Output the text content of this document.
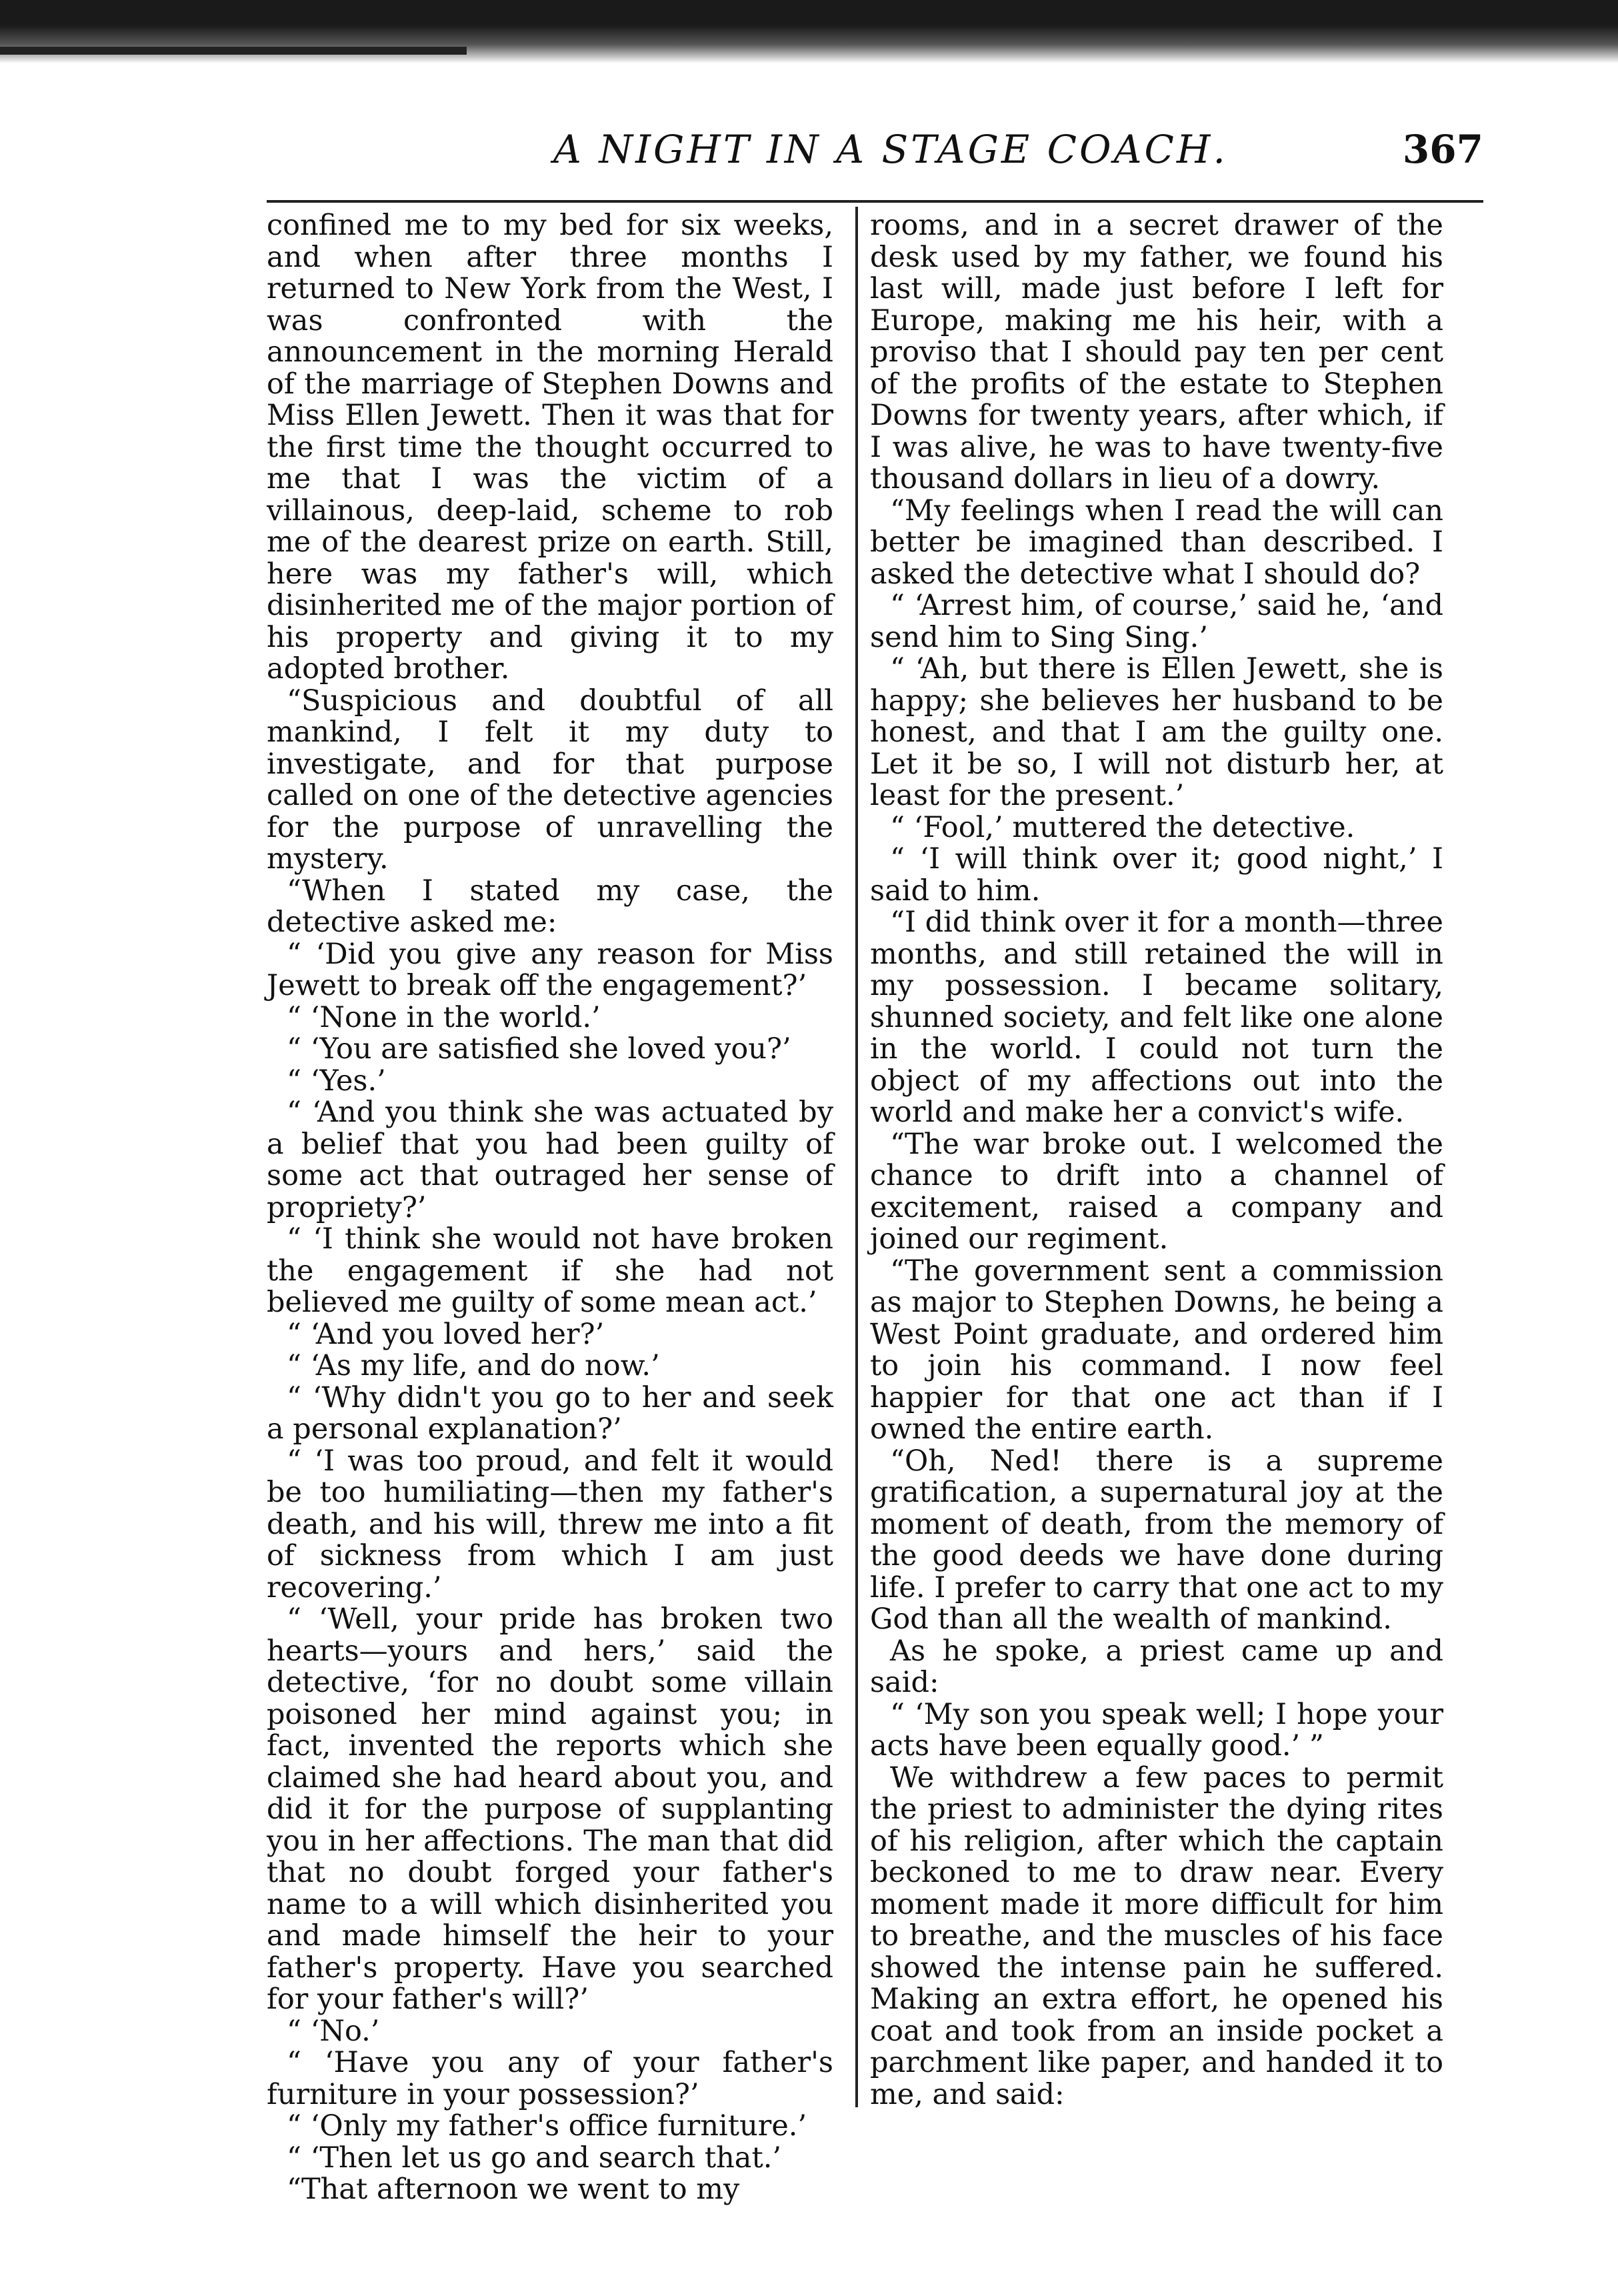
A NIGHT IN A STAGE COACH.	367

confined me to my bed for six weeks, and when after three months I returned to New York from the West, I was confronted with the announcement in the morning Herald of the marriage of Stephen Downs and Miss Ellen Jewett. Then it was that for the first time the thought occurred to me that I was the victim of a villainous, deep-laid, scheme to rob me of the dearest prize on earth. Still, here was my father's will, which disinherited me of the major portion of his property and giving it to my adopted brother.

“Suspicious and doubtful of all mankind, I felt it my duty to investigate, and for that purpose called on one of the detective agencies for the purpose of unravelling the mystery.

“When I stated my case, the detective asked me:

“ ‘Did you give any reason for Miss Jewett to break off the engagement?’

“ ‘None in the world.’

“ ‘You are satisfied she loved you?’

“ ‘Yes.’

“ ‘And you think she was actuated by a belief that you had been guilty of some act that outraged her sense of propriety?’

“ ‘I think she would not have broken the engagement if she had not believed me guilty of some mean act.’

“ ‘And you loved her?’

“ ‘As my life, and do now.’

“ ‘Why didn't you go to her and seek a personal explanation?’

“ ‘I was too proud, and felt it would be too humiliating—then my father's death, and his will, threw me into a fit of sickness from which I am just recovering.’

“ ‘Well, your pride has broken two hearts—yours and hers,’ said the detective, ‘for no doubt some villain poisoned her mind against you; in fact, invented the reports which she claimed she had heard about you, and did it for the purpose of supplanting you in her affections. The man that did that no doubt forged your father's name to a will which disinherited you and made himself the heir to your father's property. Have you searched for your father's will?’

“ ‘No.’

“ ‘Have you any of your father's furniture in your possession?’

“ ‘Only my father's office furniture.’

“ ‘Then let us go and search that.’

“That afternoon we went to my

rooms, and in a secret drawer of the desk used by my father, we found his last will, made just before I left for Europe, making me his heir, with a proviso that I should pay ten per cent of the profits of the estate to Stephen Downs for twenty years, after which, if I was alive, he was to have twenty-five thousand dollars in lieu of a dowry.

“My feelings when I read the will can better be imagined than described. I asked the detective what I should do?

“ ‘Arrest him, of course,’ said he, ‘and send him to Sing Sing.’

“ ‘Ah, but there is Ellen Jewett, she is happy; she believes her husband to be honest, and that I am the guilty one. Let it be so, I will not disturb her, at least for the present.’

“ ‘Fool,’ muttered the detective.

“ ‘I will think over it; good night,’ I said to him.

“I did think over it for a month—three months, and still retained the will in my possession. I became solitary, shunned society, and felt like one alone in the world. I could not turn the object of my affections out into the world and make her a convict's wife.

“The war broke out. I welcomed the chance to drift into a channel of excitement, raised a company and joined our regiment.

“The government sent a commission as major to Stephen Downs, he being a West Point graduate, and ordered him to join his command. I now feel happier for that one act than if I owned the entire earth.

“Oh, Ned! there is a supreme gratification, a supernatural joy at the moment of death, from the memory of the good deeds we have done during life. I prefer to carry that one act to my God than all the wealth of mankind.

As he spoke, a priest came up and said:

“ ‘My son you speak well; I hope your acts have been equally good.’ ”

We withdrew a few paces to permit the priest to administer the dying rites of his religion, after which the captain beckoned to me to draw near. Every moment made it more difficult for him to breathe, and the muscles of his face showed the intense pain he suffered. Making an extra effort, he opened his coat and took from an inside pocket a parchment like paper, and handed it to me, and said:
